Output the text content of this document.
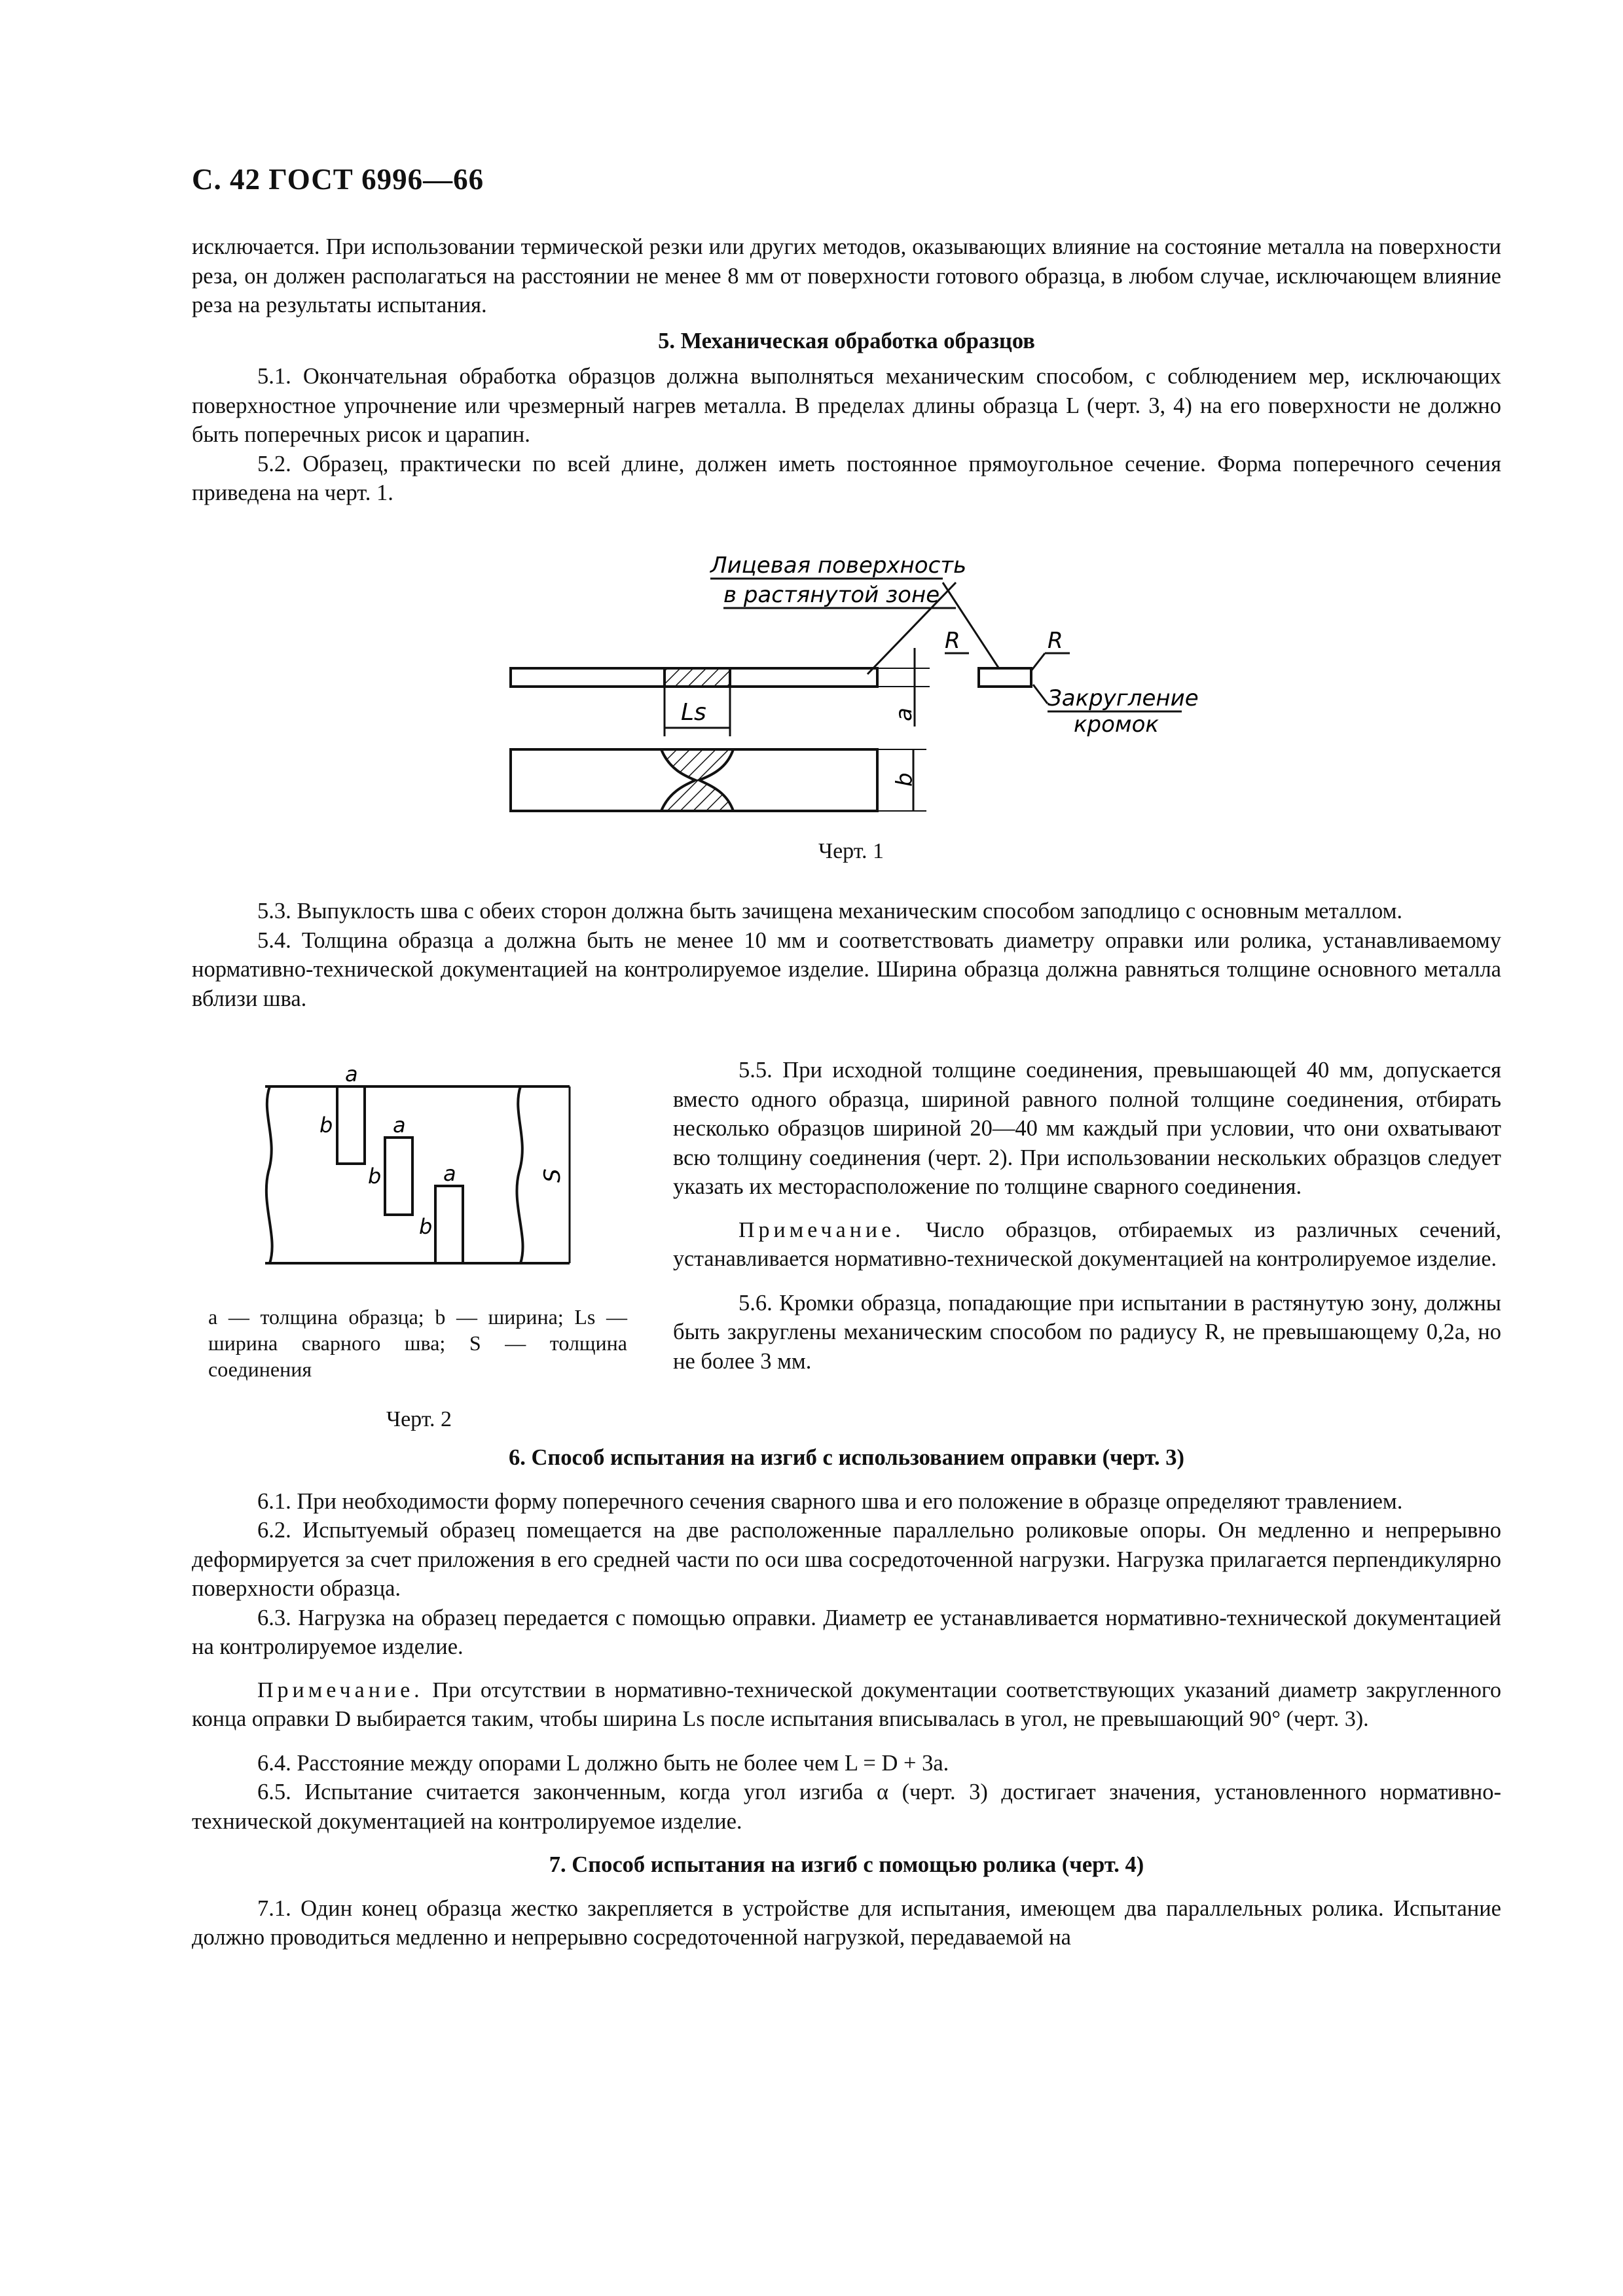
С. 42 ГОСТ 6996—66

исключается. При использовании термической резки или других методов, оказывающих влияние на состояние металла на поверхности реза, он должен располагаться на расстоянии не менее 8 мм от поверхности готового образца, в любом случае, исключающем влияние реза на результаты испытания.

5. Механическая обработка образцов

5.1. Окончательная обработка образцов должна выполняться механическим способом, с соблюдением мер, исключающих поверхностное упрочнение или чрезмерный нагрев металла. В пределах длины образца L (черт. 3, 4) на его поверхности не должно быть поперечных рисок и царапин.

5.2. Образец, практически по всей длине, должен иметь постоянное прямоугольное сечение. Форма поперечного сечения приведена на черт. 1.

Лицевая поверхность
в растянутой зоне
a
Ls
b
R	R
Закругление
кромок
Черт. 1

5.3. Выпуклость шва с обеих сторон должна быть зачищена механическим способом заподлицо с основным металлом.

5.4. Толщина образца a должна быть не менее 10 мм и соответствовать диаметру оправки или ролика, устанавливаемому нормативно-технической документацией на контролируемое изделие. Ширина образца должна равняться толщине основного металла вблизи шва.

S
a
b	a
b	a
b
a — толщина образца; b — ширина; Ls — ширина сварного шва; S — толщина соединения
Черт. 2

5.5. При исходной толщине соединения, превышающей 40 мм, допускается вместо одного образца, шириной равного полной толщине соединения, отбирать несколько образцов шириной 20—40 мм каждый при условии, что они охватывают всю толщину соединения (черт. 2). При использовании нескольких образцов следует указать их месторасположение по толщине сварного соединения.

Примечание. Число образцов, отбираемых из различных сечений, устанавливается нормативно-технической документацией на контролируемое изделие.

5.6. Кромки образца, попадающие при испытании в растянутую зону, должны быть закруглены механическим способом по радиусу R, не превышающему 0,2a, но не более 3 мм.

6. Способ испытания на изгиб с использованием оправки (черт. 3)

6.1. При необходимости форму поперечного сечения сварного шва и его положение в образце определяют травлением.

6.2. Испытуемый образец помещается на две расположенные параллельно роликовые опоры. Он медленно и непрерывно деформируется за счет приложения в его средней части по оси шва сосредоточенной нагрузки. Нагрузка прилагается перпендикулярно поверхности образца.

6.3. Нагрузка на образец передается с помощью оправки. Диаметр ее устанавливается нормативно-технической документацией на контролируемое изделие.

Примечание. При отсутствии в нормативно-технической документации соответствующих указаний диаметр закругленного конца оправки D выбирается таким, чтобы ширина Ls после испытания вписывалась в угол, не превышающий 90° (черт. 3).

6.4. Расстояние между опорами L должно быть не более чем L = D + 3a.

6.5. Испытание считается законченным, когда угол изгиба α (черт. 3) достигает значения, установленного нормативно-технической документацией на контролируемое изделие.

7. Способ испытания на изгиб с помощью ролика (черт. 4)

7.1. Один конец образца жестко закрепляется в устройстве для испытания, имеющем два параллельных ролика. Испытание должно проводиться медленно и непрерывно сосредоточенной нагрузкой, передаваемой на
